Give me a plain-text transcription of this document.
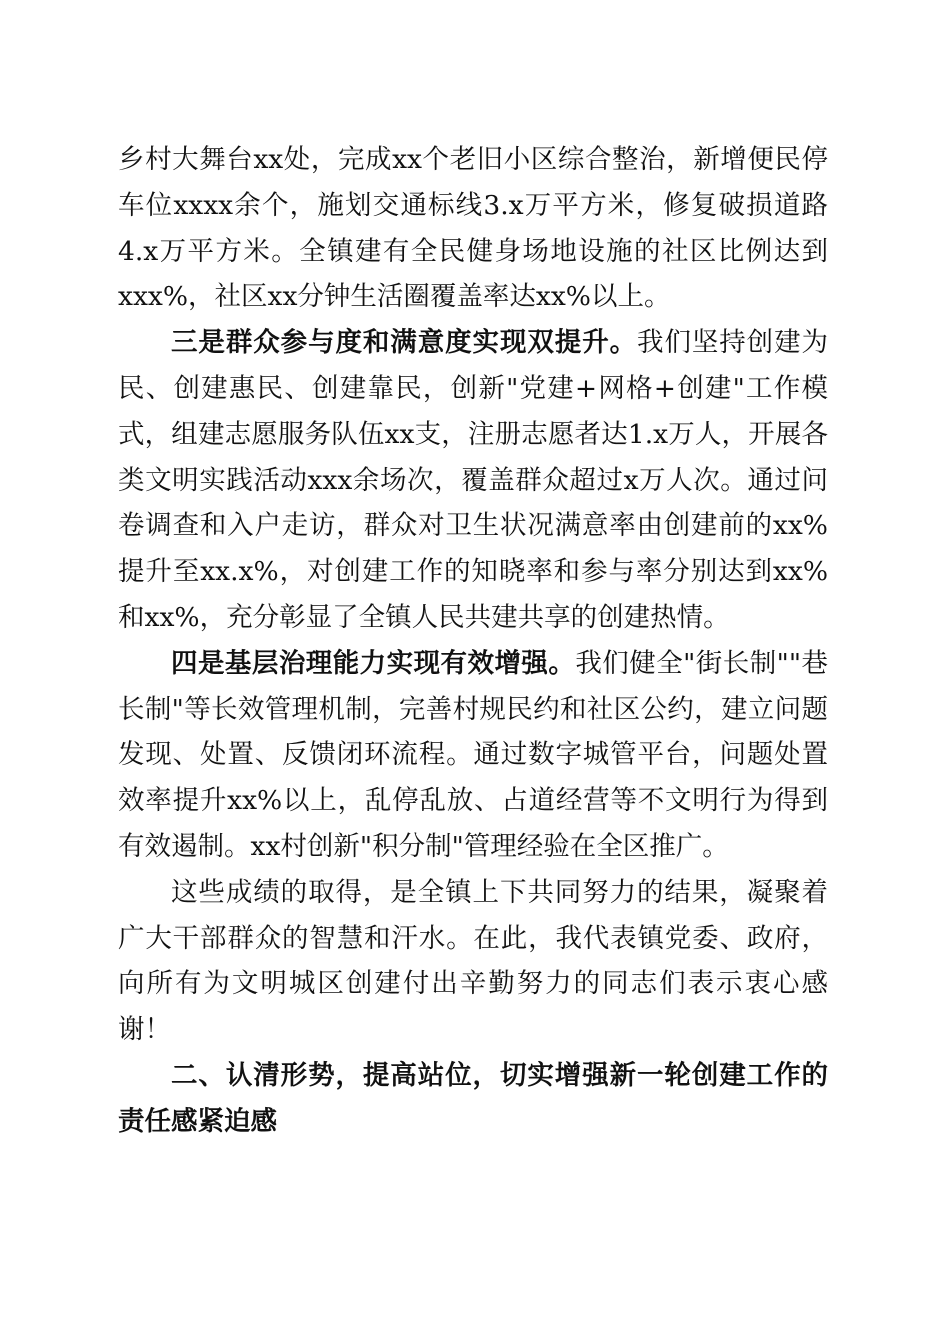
乡村大舞台xx处，完成xx个老旧小区综合整治，新增便民停车位xxxx余个，施划交通标线3.x万平方米，修复破损道路4.x万平方米。全镇建有全民健身场地设施的社区比例达到xxx%，社区xx分钟生活圈覆盖率达xx%以上。

三是群众参与度和满意度实现双提升。我们坚持创建为民、创建惠民、创建靠民，创新"党建+网格+创建"工作模式，组建志愿服务队伍xx支，注册志愿者达1.x万人，开展各类文明实践活动xxx余场次，覆盖群众超过x万人次。通过问卷调查和入户走访，群众对卫生状况满意率由创建前的xx%提升至xx.x%，对创建工作的知晓率和参与率分别达到xx%和xx%，充分彰显了全镇人民共建共享的创建热情。

四是基层治理能力实现有效增强。我们健全"街长制""巷长制"等长效管理机制，完善村规民约和社区公约，建立问题发现、处置、反馈闭环流程。通过数字城管平台，问题处置效率提升xx%以上，乱停乱放、占道经营等不文明行为得到有效遏制。xx村创新"积分制"管理经验在全区推广。

这些成绩的取得，是全镇上下共同努力的结果，凝聚着广大干部群众的智慧和汗水。在此，我代表镇党委、政府，向所有为文明城区创建付出辛勤努力的同志们表示衷心感谢！

二、认清形势，提高站位，切实增强新一轮创建工作的责任感紧迫感
